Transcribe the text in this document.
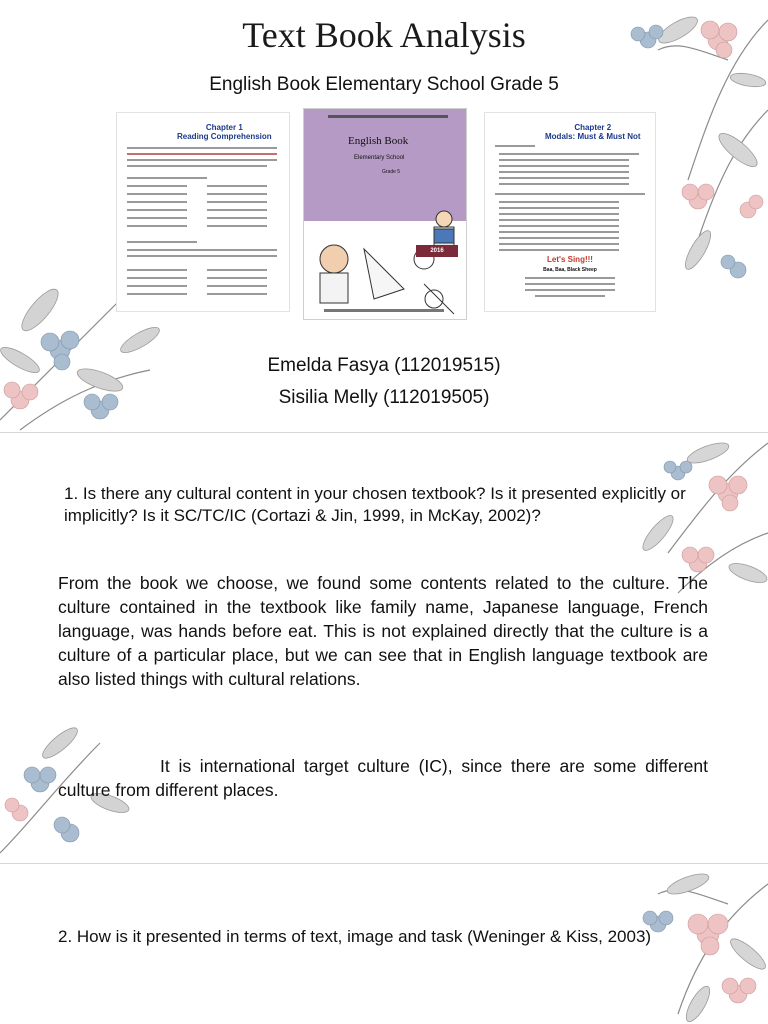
Text Book Analysis
English Book Elementary School Grade 5
Chapter 1
Reading Comprehension	English Book
Elementary School
Grade 5
2016
Chapter 2
Modals: Must & Must Not
Let's Sing!!!
Baa, Baa, Black Sheep
Emelda Fasya (112019515)
Sisilia Melly (112019505)
1. Is there any cultural content in your chosen textbook? Is it presented explicitly or implicitly? Is it SC/TC/IC (Cortazi & Jin, 1999, in McKay, 2002)?
From the book we choose, we found some contents related to the culture. The culture contained in the textbook like family name, Japanese language, French language, was hands before eat. This is not explained directly that the culture is a culture of a particular place, but we can see that in English language textbook are also listed things with cultural relations.
It is international target culture (IC), since there are some different culture from different places.
2. How is it presented in terms of text, image and task (Weninger & Kiss, 2003)
